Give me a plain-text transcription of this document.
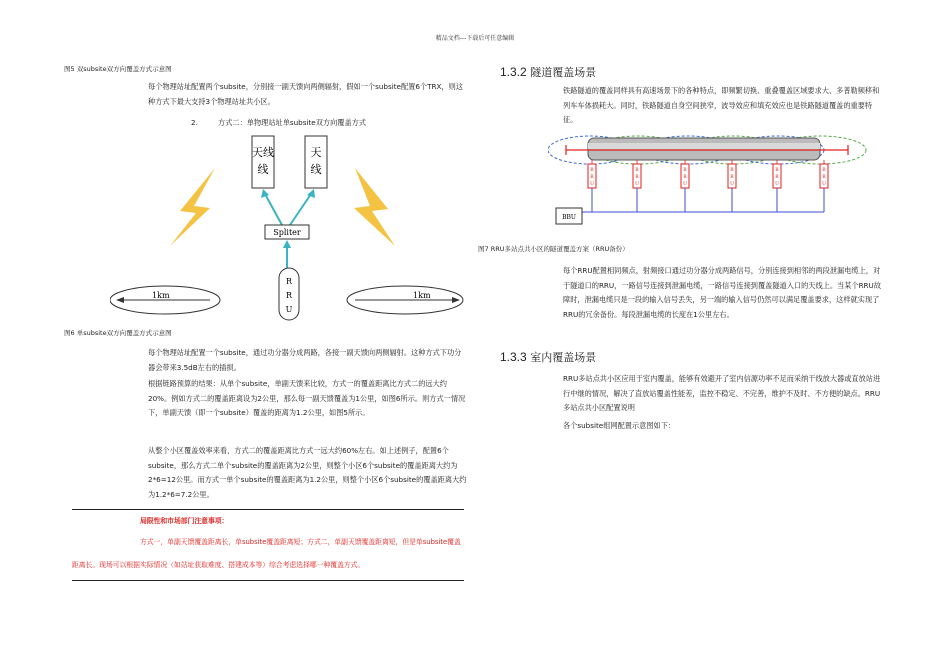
精品文档---下载后可任意编辑
图5 双subsite双方向覆盖方式示意图
每个物理站址配置两个subsite，分别接一副天馈向两侧辐射，假如一个subsite配置6个TRX，则这种方式下最大支持3个物理站址共小区。
2.	方式二：单物理站址单subsite双方向覆盖方式
天线
线
天
线
Spliter
R
R
U
1km	1km
图6 单subsite双方向覆盖方式示意图
每个物理站址配置一个subsite，通过功分器分成两路，各接一副天馈向两侧辐射。这种方式下功分器会带来3.5dB左右的插损。
根据链路预算的结果：从单个subsite，单副天馈来比较，方式一的覆盖距离比方式二的远大约20%。例如方式二的覆盖距离设为2公里，那么每一副天馈覆盖为1公里，如图6所示。则方式一情况下，单副天馈（即一个subsite）覆盖的距离为1.2公里，如图5所示。
从整个小区覆盖效率来看，方式二的覆盖距离比方式一远大约60%左右。如上述例子，配置6个subsite，那么方式二单个subsite的覆盖距离为2公里，则整个小区6个subsite的覆盖距离大约为2*6=12公里。而方式一单个subsite的覆盖距离为1.2公里，则整个小区6个subsite的覆盖距离大约为1.2*6=7.2公里。
局限性和市场部门注意事项：
方式一，单副天馈覆盖距离长，单subsite覆盖距离短；方式二，单副天馈覆盖距离短，但是单subsite覆盖距离长。现场可以根据实际情况（如站址获取难度、搭建成本等）综合考虑选择哪一种覆盖方式。
1.3.2 隧道覆盖场景
铁路隧道的覆盖同样具有高速场景下的各种特点，即频繁切换、重叠覆盖区域要求大、多普勒频移和列车车体损耗大。同时，铁路隧道自身空间狭窄，波导效应和填充效应也是铁路隧道覆盖的重要特征。
R
R
U
R
R
U
R
R
U
R
R
U
R
R
U
R
R
U
BBU
图7 RRU多站点共小区的隧道覆盖方案（RRU备份）
每个RRU配置相同频点，射频接口通过功分器分成两路信号，分别连接到相邻的两段泄漏电缆上，对于隧道口的RRU，一路信号连接到泄漏电缆，一路信号连接到覆盖隧道入口的天线上。当某个RRU故障时，泄漏电缆只是一段的输入信号丢失，另一端的输入信号仍然可以满足覆盖要求，这样就实现了RRU的冗余备份。每段泄漏电缆的长度在1公里左右。
1.3.3 室内覆盖场景
RRU多站点共小区应用于室内覆盖，能够有效避开了室内信源功率不足而采纳干线放大器或直放站进行中继的情况，解决了直放站覆盖性能差，监控不稳定、不完善，维护不及时、不方便的缺点。RRU多站点共小区配置说明
各个subsite组网配置示意图如下：
